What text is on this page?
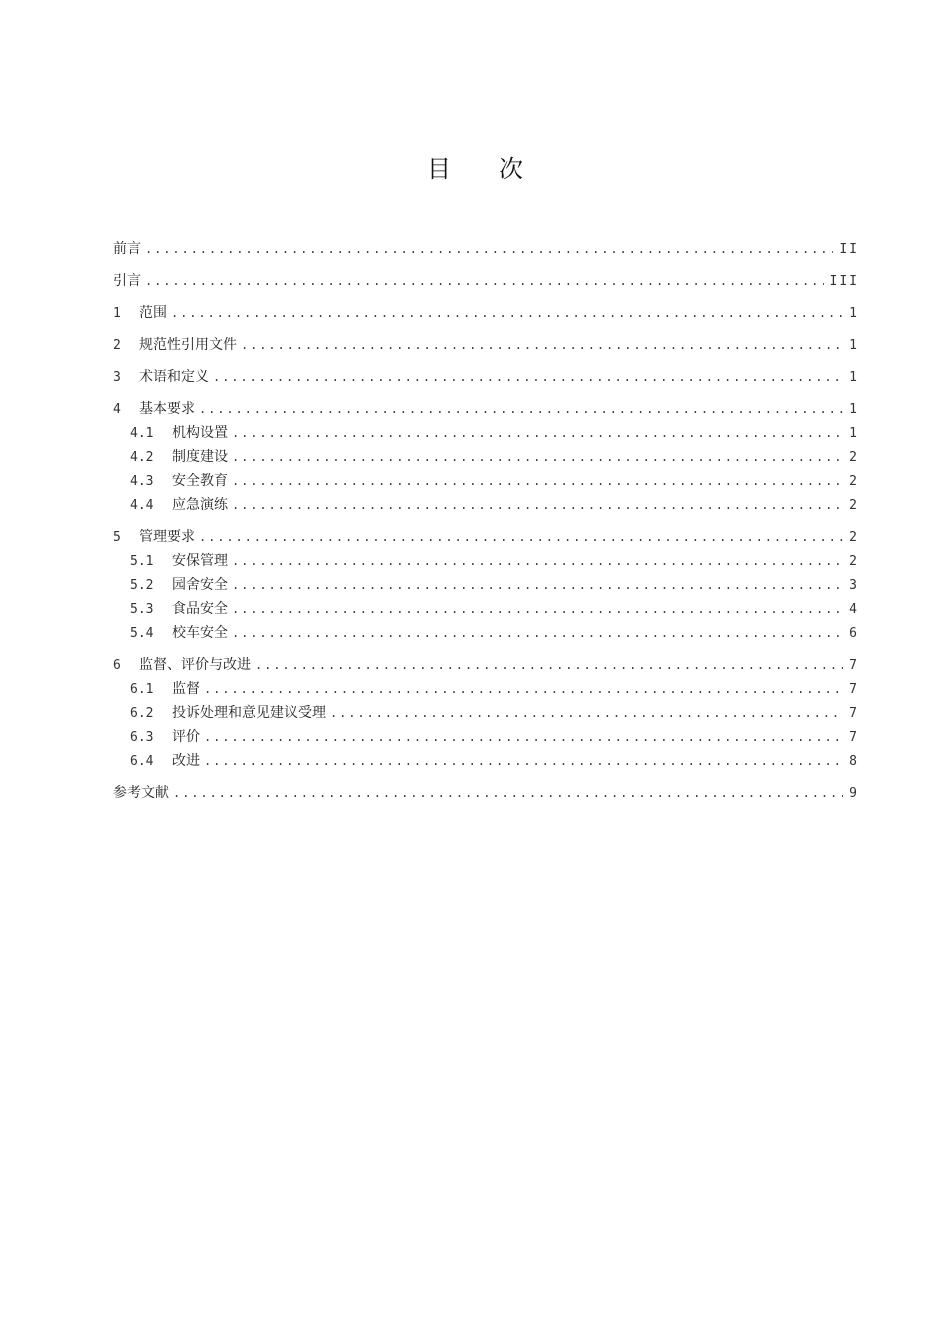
目 次
前言 .....	II
引言 .....	III
1	范围 .....	1
2	规范性引用文件 .....	1
3	术语和定义 .....	1
4	基本要求 .....	1
4.1	机构设置 .....	1
4.2	制度建设 .....	2
4.3	安全教育 .....	2
4.4	应急演练 .....	2
5	管理要求 .....	2
5.1	安保管理 .....	2
5.2	园舍安全 .....	3
5.3	食品安全 .....	4
5.4	校车安全 .....	6
6	监督、评价与改进 .....	7
6.1	监督 .....	7
6.2	投诉处理和意见建议受理 .....	7
6.3	评价 .....	7
6.4	改进 .....	8
参考文献 .....	9
